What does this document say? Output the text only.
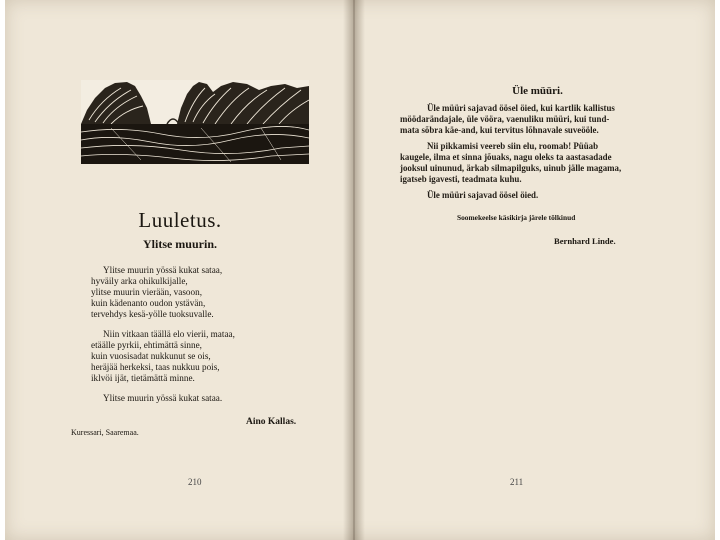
Luuletus.
Ylitse muurin.
Ylitse muurin yössä kukat sataa,
hyväily arka ohikulkijalle,
ylitse muurin vierään, vasoon,
kuin kädenanto oudon ystävän,
tervehdys kesä-yölle tuoksuvalle.
Niin vitkaan täällä elo vierii, mataa,
etäälle pyrkii, ehtimättä sinne,
kuin vuosisadat nukkunut se ois,
heräjää herkeksi, taas nukkuu pois,
iklvöi ijät, tietämättä minne.
Ylitse muurin yössä kukat sataa.
Aino Kallas.
Kuressari, Saaremaa.
210
Üle müüri.
Üle müüri sajavad öösel öied, kui kartlik kallistus
möödarändajale, üle vööra, vaenuliku müüri, kui tund-
mata sõbra käe-and, kui tervitus lõhnavale suveööle.
Nii pikkamisi veereb siin elu, roomab! Püüab
kaugele, ilma et sinna jõuaks, nagu oleks ta aastasadade
jooksul uinunud, ärkab silmapilguks, uinub jälle magama,
igatseb igavesti, teadmata kuhu.
Üle müüri sajavad öösel öied.
Soomekeelse käsikirja järele tõlkinud
Bernhard Linde.
211
